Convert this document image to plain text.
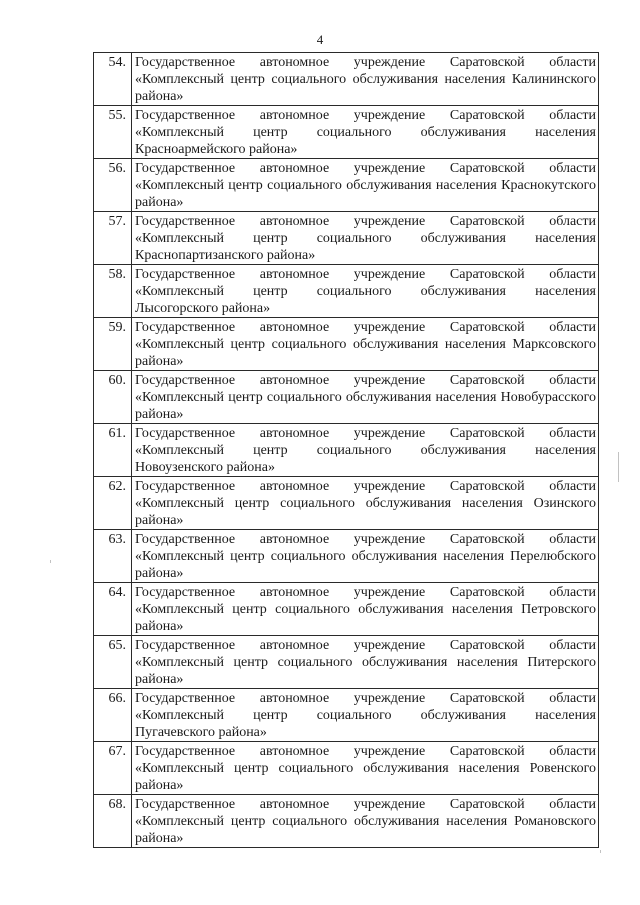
4
54.	Государственное автономное учреждение Саратовской области
«Комплексный центр социального обслуживания населения Калининского
района»

55.	Государственное автономное учреждение Саратовской области
«Комплексный центр социального обслуживания населения
Красноармейского района»

56.	Государственное автономное учреждение Саратовской области
«Комплексный центр социального обслуживания населения Краснокутского
района»

57.	Государственное автономное учреждение Саратовской области
«Комплексный центр социального обслуживания населения
Краснопартизанского района»

58.	Государственное автономное учреждение Саратовской области
«Комплексный центр социального обслуживания населения
Лысогорского района»

59.	Государственное автономное учреждение Саратовской области
«Комплексный центр социального обслуживания населения Марксовского
района»

60.	Государственное автономное учреждение Саратовской области
«Комплексный центр социального обслуживания населения Новобурасского
района»

61.	Государственное автономное учреждение Саратовской области
«Комплексный центр социального обслуживания населения
Новоузенского района»

62.	Государственное автономное учреждение Саратовской области
«Комплексный центр социального обслуживания населения Озинского
района»

63.	Государственное автономное учреждение Саратовской области
«Комплексный центр социального обслуживания населения Перелюбского
района»

64.	Государственное автономное учреждение Саратовской области
«Комплексный центр социального обслуживания населения Петровского
района»

65.	Государственное автономное учреждение Саратовской области
«Комплексный центр социального обслуживания населения Питерского
района»

66.	Государственное автономное учреждение Саратовской области
«Комплексный центр социального обслуживания населения
Пугачевского района»

67.	Государственное автономное учреждение Саратовской области
«Комплексный центр социального обслуживания населения Ровенского
района»

68.	Государственное автономное учреждение Саратовской области
«Комплексный центр социального обслуживания населения Романовского
района»
